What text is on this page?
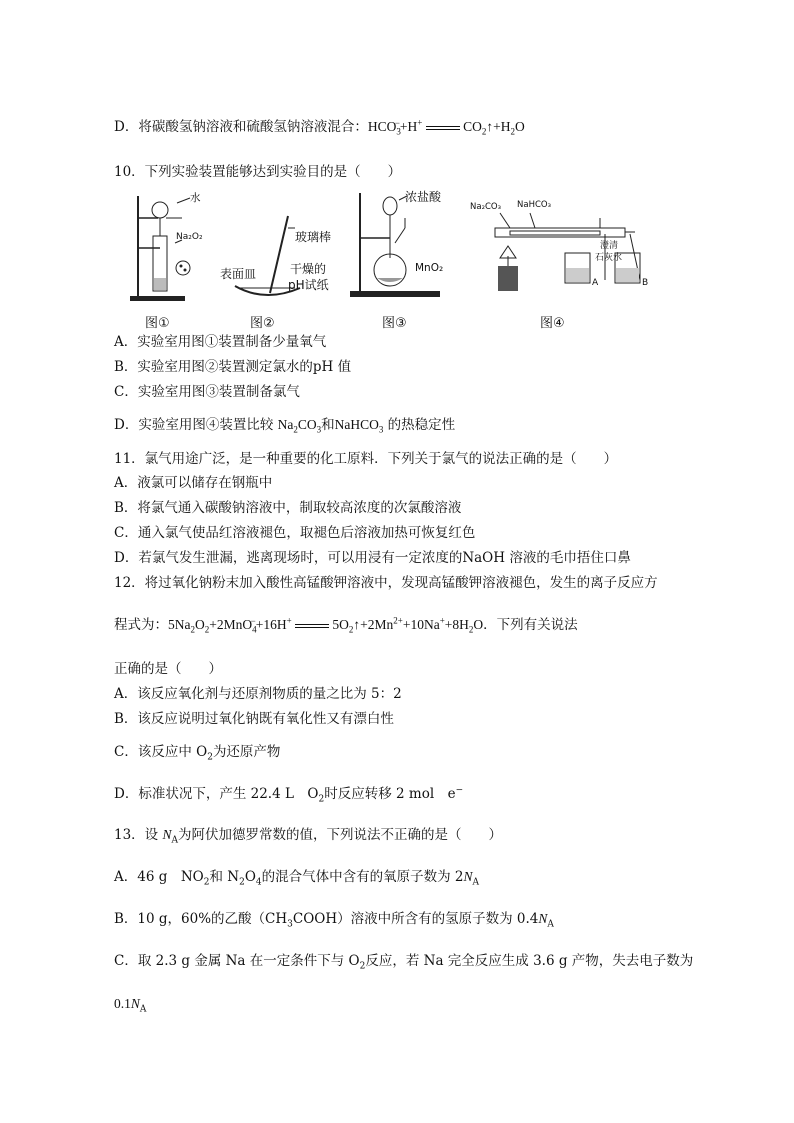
D．将碳酸氢钠溶液和硫酸氢钠溶液混合：$HCO_3^-+H^+$	$CO_2↑+H_2O$
10．下列实验装置能够达到实验目的是（　　）
水
Na₂O₂
图①
玻璃棒
表面皿	干燥的
pH试纸
图②
浓盐酸
MnO₂
图③
Na₂CO₃ NaHCO₃
澄清
石灰水
A	B
图④
A．实验室用图①装置制备少量氧气
B．实验室用图②装置测定氯水的pH 值
C．实验室用图③装置制备氯气
D．实验室用图④装置比较 $Na_2CO_3$和NaHCO$_3$ 的热稳定性
11．氯气用途广泛，是一种重要的化工原料．下列关于氯气的说法正确的是（　　）
A．液氯可以储存在钢瓶中
B．将氯气通入碳酸钠溶液中，制取较高浓度的次氯酸溶液
C．通入氯气使品红溶液褪色，取褪色后溶液加热可恢复红色
D．若氯气发生泄漏，逃离现场时，可以用浸有一定浓度的NaOH 溶液的毛巾捂住口鼻
12．将过氧化钠粉末加入酸性高锰酸钾溶液中，发现高锰酸钾溶液褪色，发生的离子反应方
程式为：$5Na_2O_2+2MnO_4^-+16H^+$	$5O_2↑+2Mn^{2+}+10Na^++8H_2O$．下列有关说法
正确的是（　　）
A．该反应氧化剂与还原剂物质的量之比为 5：2
B．该反应说明过氧化钠既有氧化性又有漂白性
C．该反应中 $O_2$为还原产物
D．标准状况下，产生 22.4 L　$O_2$时反应转移 2 mol　e−
13．设 $N_A$为阿伏加德罗常数的值，下列说法不正确的是（　　）
A．46 g　$NO_2$和 $N_2O_4$的混合气体中含有的氧原子数为 $2N_A$
B．10 g，60%的乙酸$(CH_3COOH)$溶液中所含有的氢原子数为 $0.4N_A$
C．取 2.3 g 金属 Na 在一定条件下与 $O_2$反应，若 Na 完全反应生成 3.6 g 产物，失去电子数为
$0.1N_A$
